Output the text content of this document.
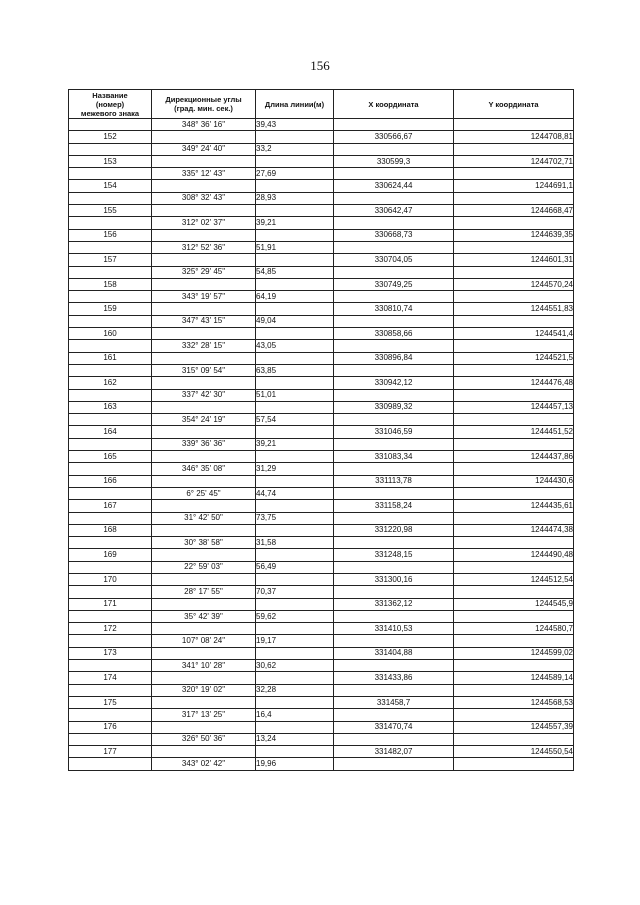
156
Название
(номер)
межевого знака	Дирекционные углы
(град. мин. сек.)	Длина линии(м)	X координата	Y координата
	348° 36' 16"	39,43		
152			330566,67	1244708,81
	349° 24' 40"	33,2		
153			330599,3	1244702,71
	335° 12' 43"	27,69		
154			330624,44	1244691,1
	308° 32' 43"	28,93		
155			330642,47	1244668,47
	312° 02' 37"	39,21		
156			330668,73	1244639,35
	312° 52' 36"	51,91		
157			330704,05	1244601,31
	325° 29' 45"	54,85		
158			330749,25	1244570,24
	343° 19' 57"	64,19		
159			330810,74	1244551,83
	347° 43' 15"	49,04		
160			330858,66	1244541,4
	332° 28' 15"	43,05		
161			330896,84	1244521,5
	315° 09' 54"	63,85		
162			330942,12	1244476,48
	337° 42' 30"	51,01		
163			330989,32	1244457,13
	354° 24' 19"	57,54		
164			331046,59	1244451,52
	339° 36' 36"	39,21		
165			331083,34	1244437,86
	346° 35' 08"	31,29		
166			331113,78	1244430,6
	6° 25' 45"	44,74		
167			331158,24	1244435,61
	31° 42' 50"	73,75		
168			331220,98	1244474,38
	30° 38' 58"	31,58		
169			331248,15	1244490,48
	22° 59' 03"	56,49		
170			331300,16	1244512,54
	28° 17' 55"	70,37		
171			331362,12	1244545,9
	35° 42' 39"	59,62		
172			331410,53	1244580,7
	107° 08' 24"	19,17		
173			331404,88	1244599,02
	341° 10' 28"	30,62		
174			331433,86	1244589,14
	320° 19' 02"	32,28		
175			331458,7	1244568,53
	317° 13' 25"	16,4		
176			331470,74	1244557,39
	326° 50' 36"	13,24		
177			331482,07	1244550,54
	343° 02' 42"	19,96		
